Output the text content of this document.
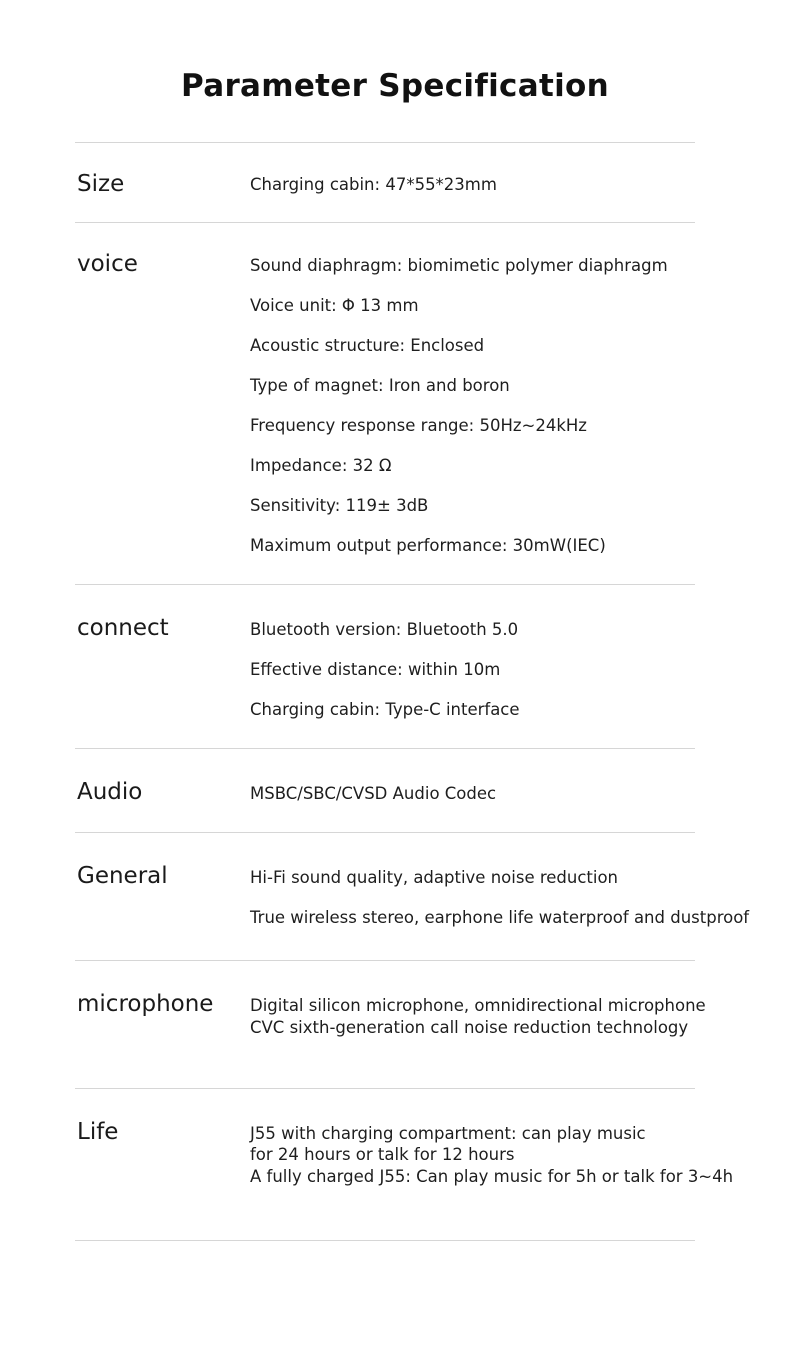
Parameter Specification
Size	Charging cabin: 47*55*23mm
voice	Sound diaphragm: biomimetic polymer diaphragm
Voice unit: Φ 13 mm
Acoustic structure: Enclosed
Type of magnet: Iron and boron
Frequency response range: 50Hz~24kHz
Impedance: 32 Ω
Sensitivity: 119± 3dB
Maximum output performance: 30mW(IEC)
connect	Bluetooth version: Bluetooth 5.0
Effective distance: within 10m
Charging cabin: Type-C interface
Audio	MSBC/SBC/CVSD Audio Codec
General	Hi-Fi sound quality, adaptive noise reduction
True wireless stereo, earphone life waterproof and dustproof
microphone Digital silicon microphone, omnidirectional microphone
CVC sixth-generation call noise reduction technology
Life	J55 with charging compartment: can play music
for 24 hours or talk for 12 hours
A fully charged J55: Can play music for 5h or talk for 3~4h
